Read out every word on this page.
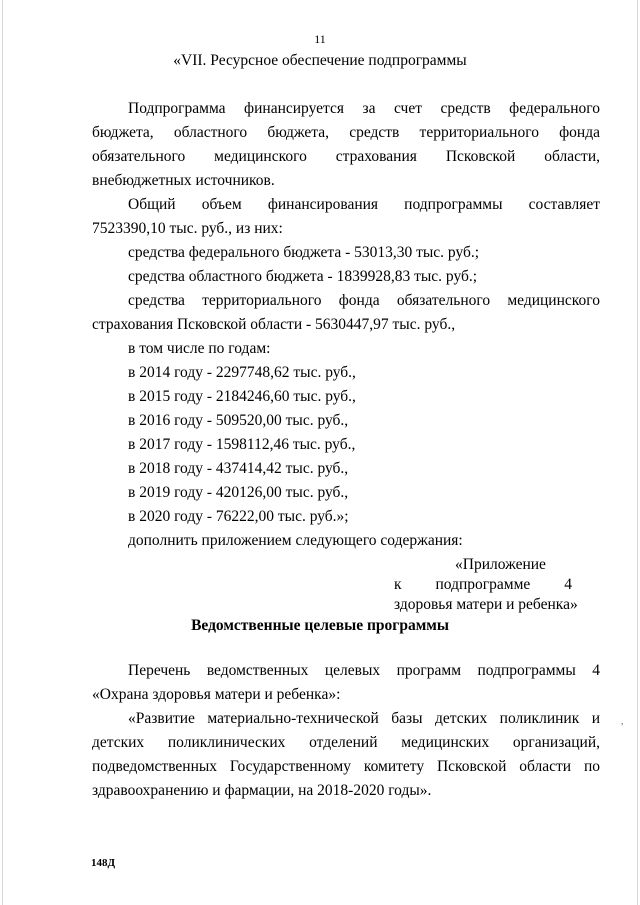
,
11
«VII. Ресурсное обеспечение подпрограммы
Подпрограмма финансируется за счет средств федерального
бюджета, областного бюджета, средств территориального фонда
обязательного медицинского страхования Псковской области,
внебюджетных источников.
Общий объем финансирования подпрограммы составляет
7523390,10 тыс. руб., из них:
средства федерального бюджета - 53013,30 тыс. руб.;
средства областного бюджета - 1839928,83 тыс. руб.;
средства территориального фонда обязательного медицинского
страхования Псковской области - 5630447,97 тыс. руб.,
в том числе по годам:
в 2014 году - 2297748,62 тыс. руб.,
в 2015 году - 2184246,60 тыс. руб.,
в 2016 году - 509520,00 тыс. руб.,
в 2017 году - 1598112,46 тыс. руб.,
в 2018 году - 437414,42 тыс. руб.,
в 2019 году - 420126,00 тыс. руб.,
в 2020 году - 76222,00 тыс. руб.»;
дополнить приложением следующего содержания:
«Приложение
к подпрограмме 4
здоровья матери и ребенка»
Ведомственные целевые программы
Перечень ведомственных целевых программ подпрограммы 4
«Охрана здоровья матери и ребенка»:
«Развитие материально-технической базы детских поликлиник и
детских поликлинических отделений медицинских организаций,
подведомственных Государственному комитету Псковской области по
здравоохранению и фармации, на 2018-2020 годы».
148Д
